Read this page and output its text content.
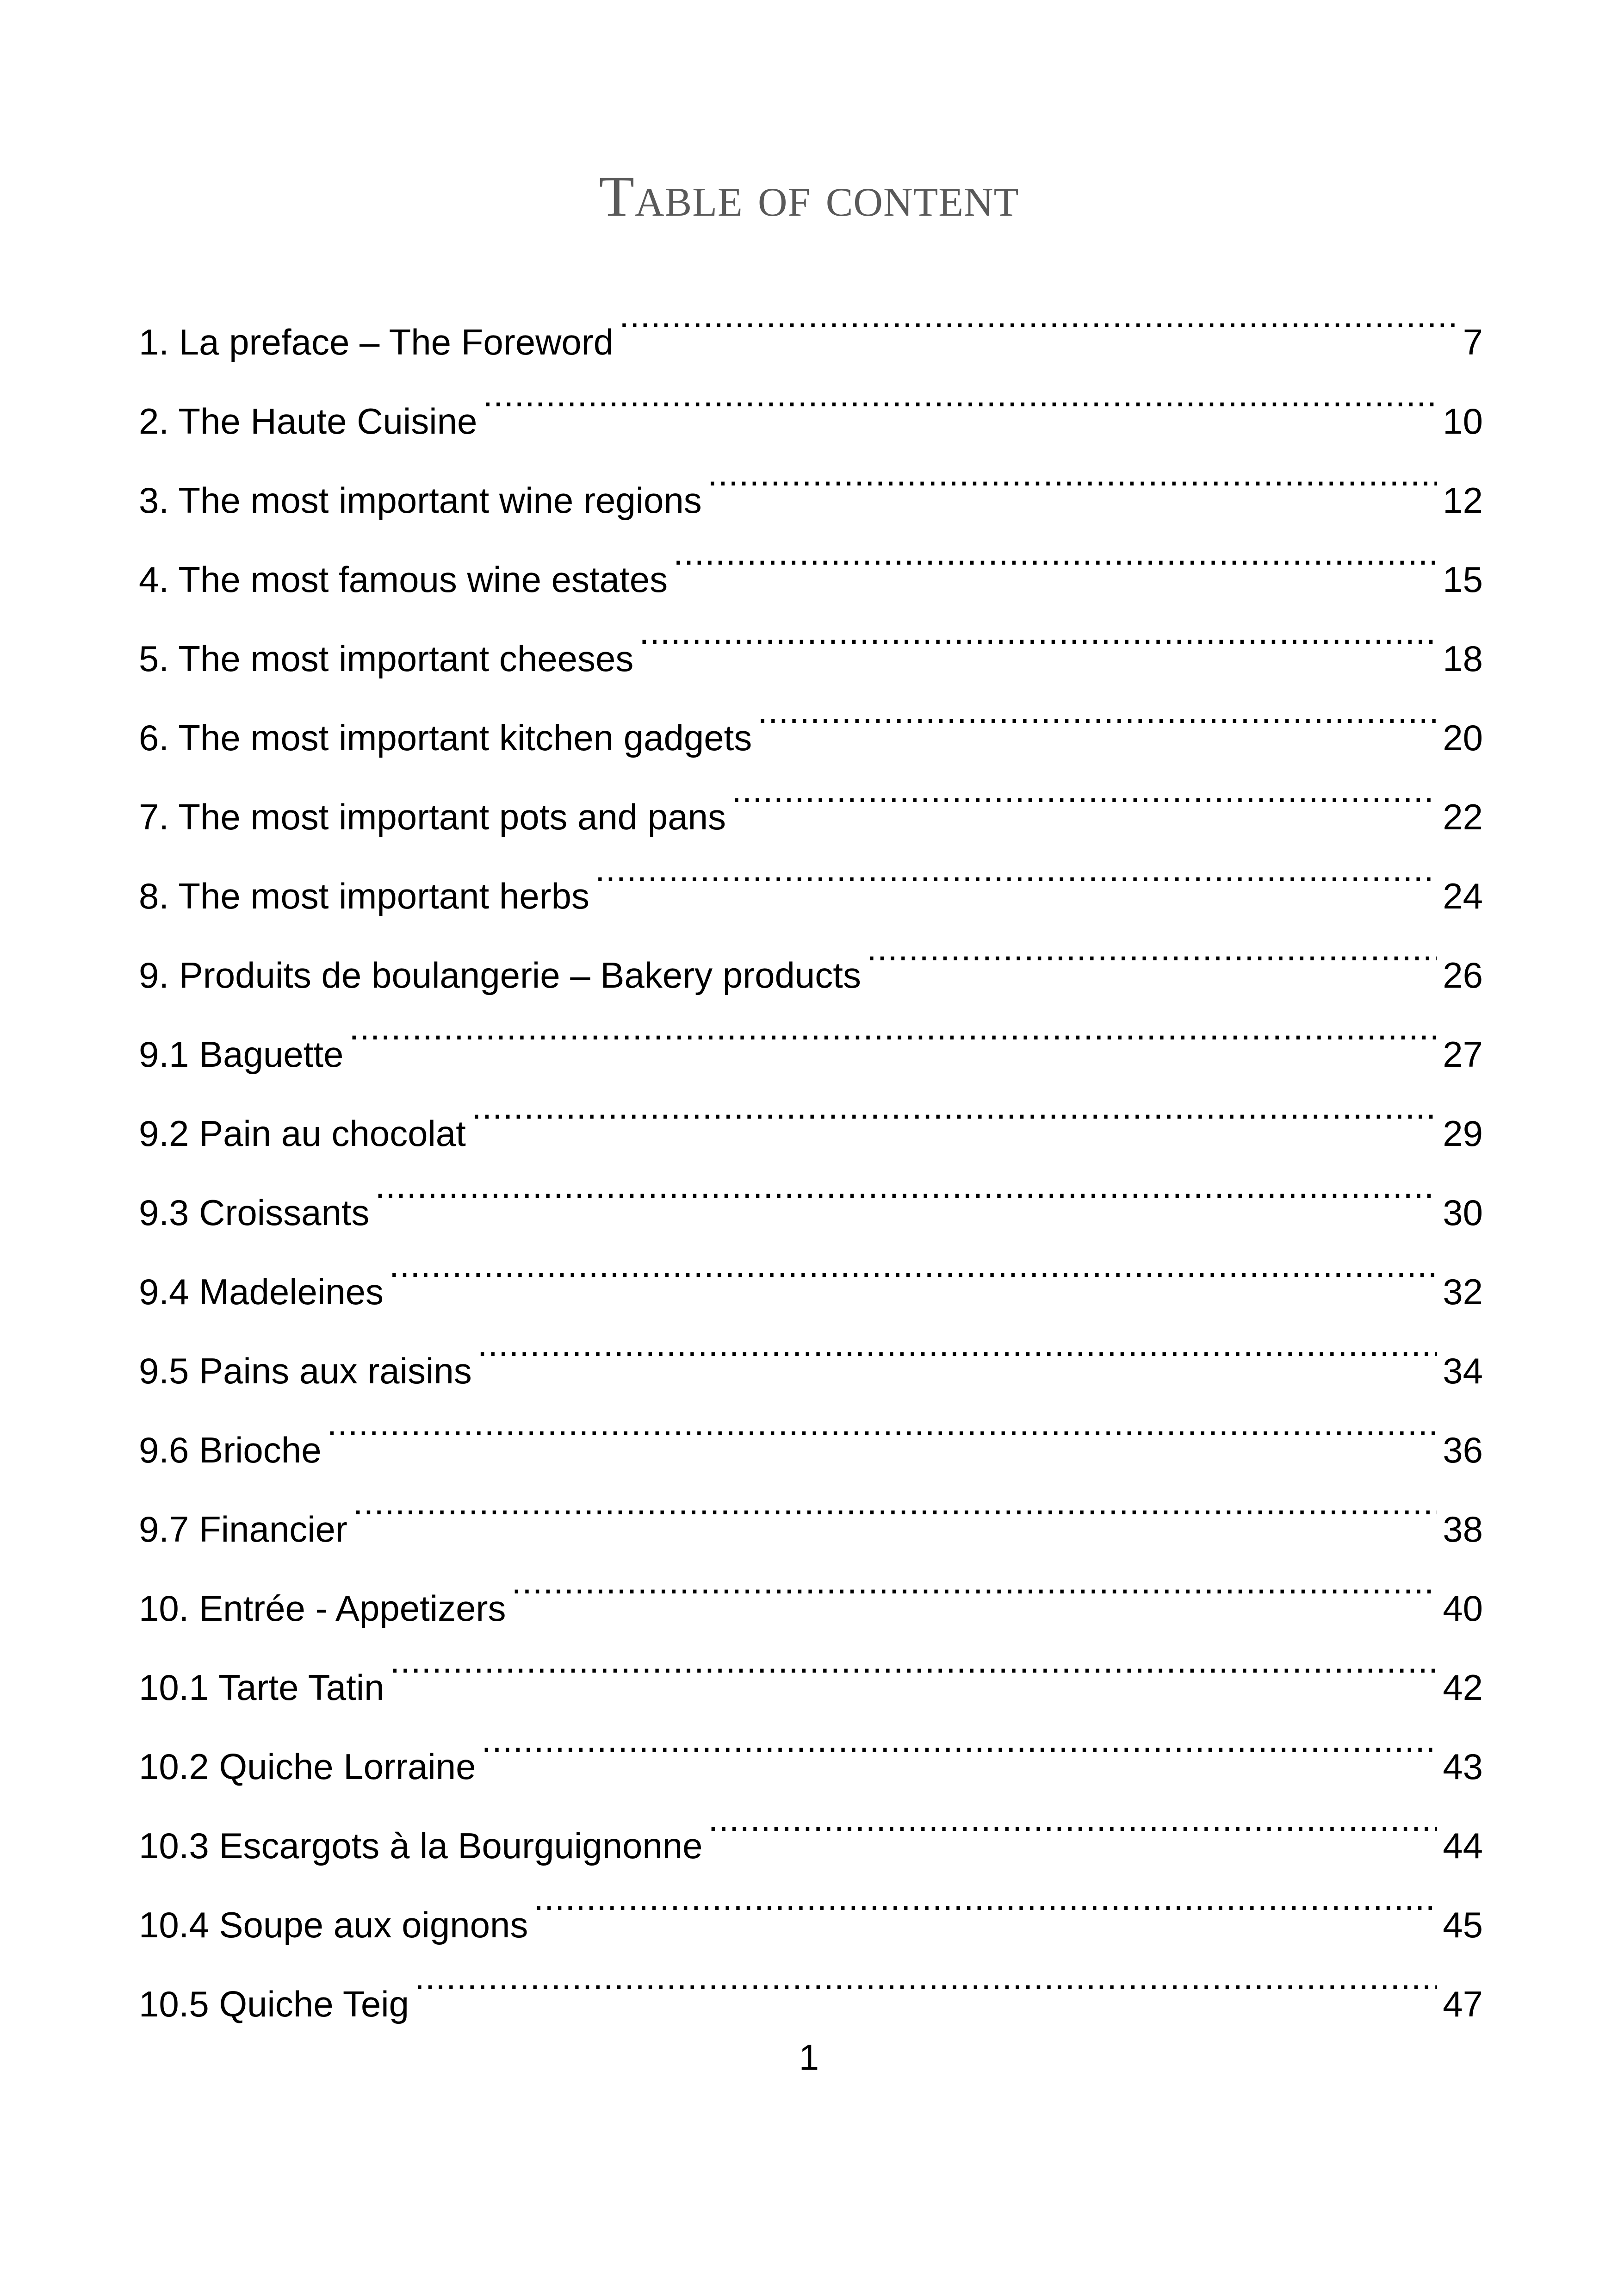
Table of content
1. La preface – The Foreword .....	7
2. The Haute Cuisine .....	10
3. The most important wine regions .....	12
4. The most famous wine estates .....	15
5. The most important cheeses .....	18
6. The most important kitchen gadgets .....	20
7. The most important pots and pans .....	22
8. The most important herbs .....	24
9. Produits de boulangerie – Bakery products .....	26
9.1 Baguette .....	27
9.2 Pain au chocolat .....	29
9.3 Croissants .....	30
9.4 Madeleines .....	32
9.5 Pains aux raisins .....	34
9.6 Brioche .....	36
9.7 Financier .....	38
10. Entrée - Appetizers .....	40
10.1 Tarte Tatin .....	42
10.2 Quiche Lorraine .....	43
10.3 Escargots à la Bourguignonne .....	44
10.4 Soupe aux oignons .....	45
10.5 Quiche Teig .....	47
1
